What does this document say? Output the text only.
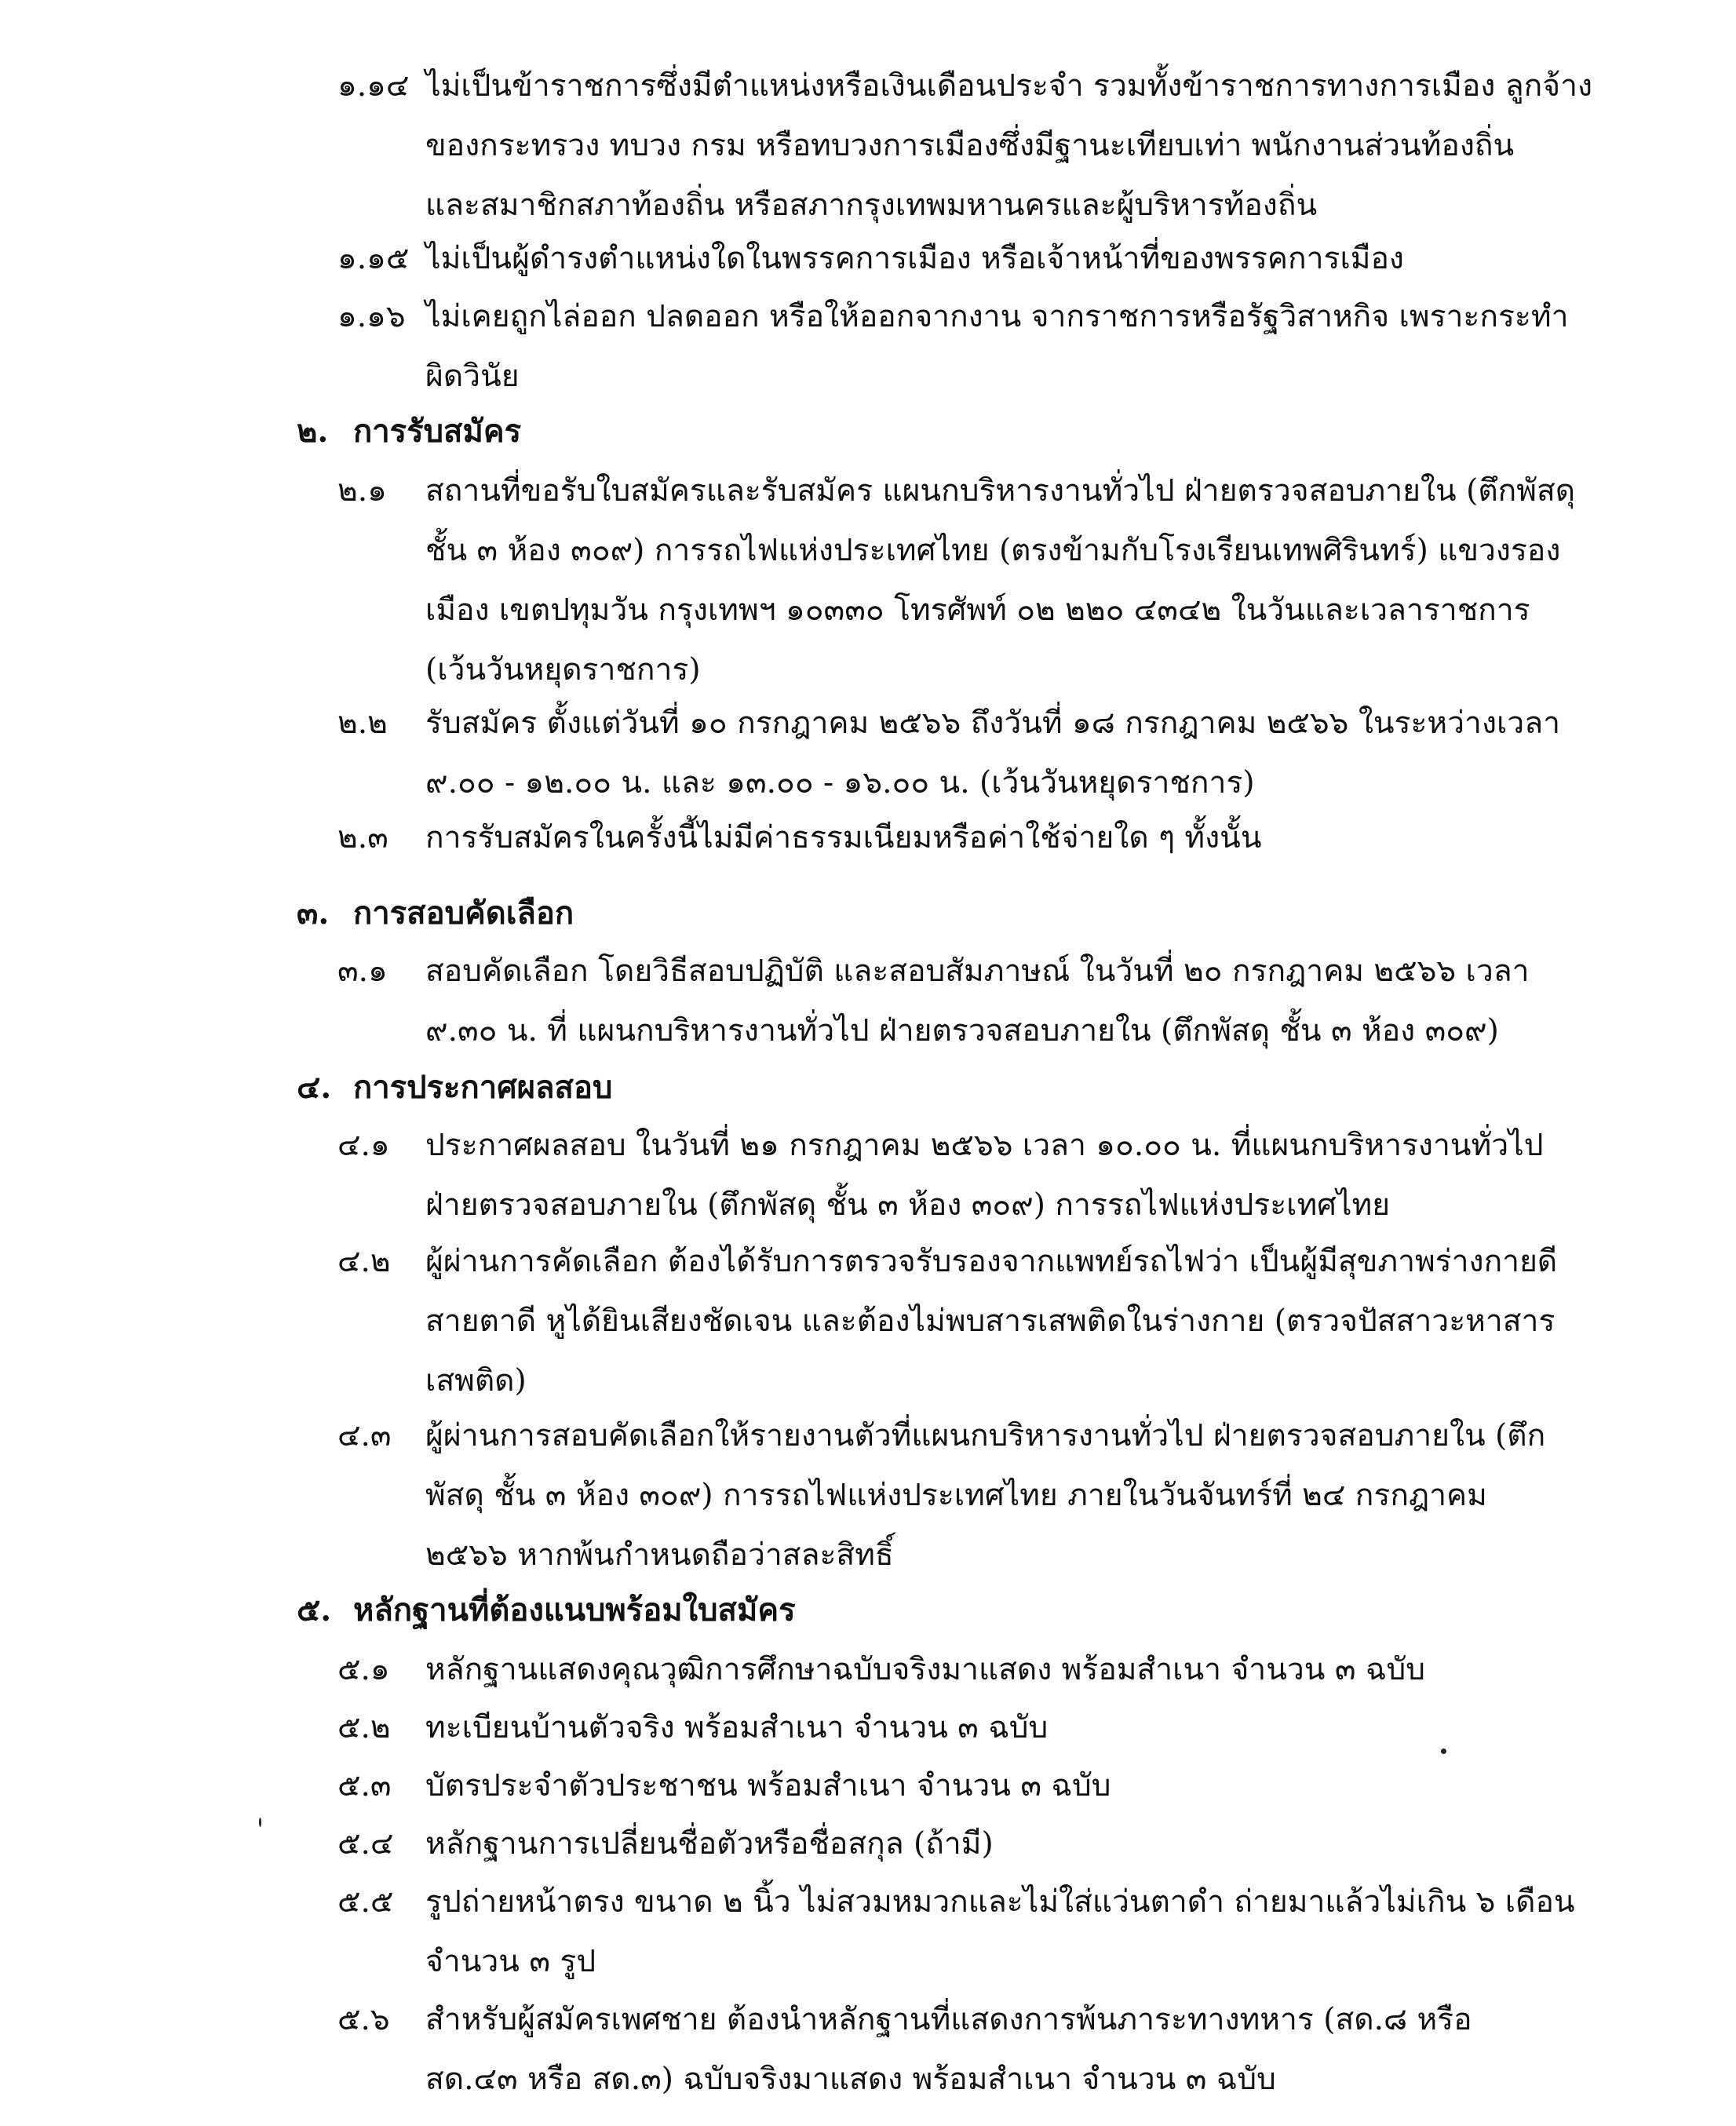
๑.๑๔ ไม่เป็นข้าราชการซึ่งมีตำแหน่งหรือเงินเดือนประจำ รวมทั้งข้าราชการทางการเมือง ลูกจ้าง
ของกระทรวง ทบวง กรม หรือทบวงการเมืองซึ่งมีฐานะเทียบเท่า พนักงานส่วนท้องถิ่น
และสมาชิกสภาท้องถิ่น หรือสภากรุงเทพมหานครและผู้บริหารท้องถิ่น
๑.๑๕ ไม่เป็นผู้ดำรงตำแหน่งใดในพรรคการเมือง หรือเจ้าหน้าที่ของพรรคการเมือง
๑.๑๖ ไม่เคยถูกไล่ออก ปลดออก หรือให้ออกจากงาน จากราชการหรือรัฐวิสาหกิจ เพราะกระทำ
ผิดวินัย
๒. การรับสมัคร
๒.๑	สถานที่ขอรับใบสมัครและรับสมัคร แผนกบริหารงานทั่วไป ฝ่ายตรวจสอบภายใน (ตึกพัสดุ
ชั้น ๓ ห้อง ๓๐๙) การรถไฟแห่งประเทศไทย (ตรงข้ามกับโรงเรียนเทพศิรินทร์) แขวงรอง
เมือง เขตปทุมวัน กรุงเทพฯ ๑๐๓๓๐ โทรศัพท์ ๐๒ ๒๒๐ ๔๓๔๒ ในวันและเวลาราชการ
(เว้นวันหยุดราชการ)
๒.๒	รับสมัคร ตั้งแต่วันที่ ๑๐ กรกฎาคม ๒๕๖๖ ถึงวันที่ ๑๘ กรกฎาคม ๒๕๖๖ ในระหว่างเวลา
๙.๐๐ - ๑๒.๐๐ น. และ ๑๓.๐๐ - ๑๖.๐๐ น. (เว้นวันหยุดราชการ)
๒.๓	การรับสมัครในครั้งนี้ไม่มีค่าธรรมเนียมหรือค่าใช้จ่ายใด ๆ ทั้งนั้น
๓. การสอบคัดเลือก
๓.๑	สอบคัดเลือก โดยวิธีสอบปฏิบัติ และสอบสัมภาษณ์ ในวันที่ ๒๐ กรกฎาคม ๒๕๖๖ เวลา
๙.๓๐ น. ที่ แผนกบริหารงานทั่วไป ฝ่ายตรวจสอบภายใน (ตึกพัสดุ ชั้น ๓ ห้อง ๓๐๙)
๔. การประกาศผลสอบ
๔.๑	ประกาศผลสอบ ในวันที่ ๒๑ กรกฎาคม ๒๕๖๖ เวลา ๑๐.๐๐ น. ที่แผนกบริหารงานทั่วไป
ฝ่ายตรวจสอบภายใน (ตึกพัสดุ ชั้น ๓ ห้อง ๓๐๙) การรถไฟแห่งประเทศไทย
๔.๒	ผู้ผ่านการคัดเลือก ต้องได้รับการตรวจรับรองจากแพทย์รถไฟว่า เป็นผู้มีสุขภาพร่างกายดี
สายตาดี หูได้ยินเสียงชัดเจน และต้องไม่พบสารเสพติดในร่างกาย (ตรวจปัสสาวะหาสาร
เสพติด)
๔.๓	ผู้ผ่านการสอบคัดเลือกให้รายงานตัวที่แผนกบริหารงานทั่วไป ฝ่ายตรวจสอบภายใน (ตึก
พัสดุ ชั้น ๓ ห้อง ๓๐๙) การรถไฟแห่งประเทศไทย ภายในวันจันทร์ที่ ๒๔ กรกฎาคม
๒๕๖๖ หากพ้นกำหนดถือว่าสละสิทธิ์
๕. หลักฐานที่ต้องแนบพร้อมใบสมัคร
๕.๑	หลักฐานแสดงคุณวุฒิการศึกษาฉบับจริงมาแสดง พร้อมสำเนา จำนวน ๓ ฉบับ
๕.๒	ทะเบียนบ้านตัวจริง พร้อมสำเนา จำนวน ๓ ฉบับ
๕.๓	บัตรประจำตัวประชาชน พร้อมสำเนา จำนวน ๓ ฉบับ
๕.๔	หลักฐานการเปลี่ยนชื่อตัวหรือชื่อสกุล (ถ้ามี)
๕.๕	รูปถ่ายหน้าตรง ขนาด ๒ นิ้ว ไม่สวมหมวกและไม่ใส่แว่นตาดำ ถ่ายมาแล้วไม่เกิน ๖ เดือน
จำนวน ๓ รูป
๕.๖	สำหรับผู้สมัครเพศชาย ต้องนำหลักฐานที่แสดงการพ้นภาระทางทหาร (สด.๘ หรือ
สด.๔๓ หรือ สด.๓) ฉบับจริงมาแสดง พร้อมสำเนา จำนวน ๓ ฉบับ
